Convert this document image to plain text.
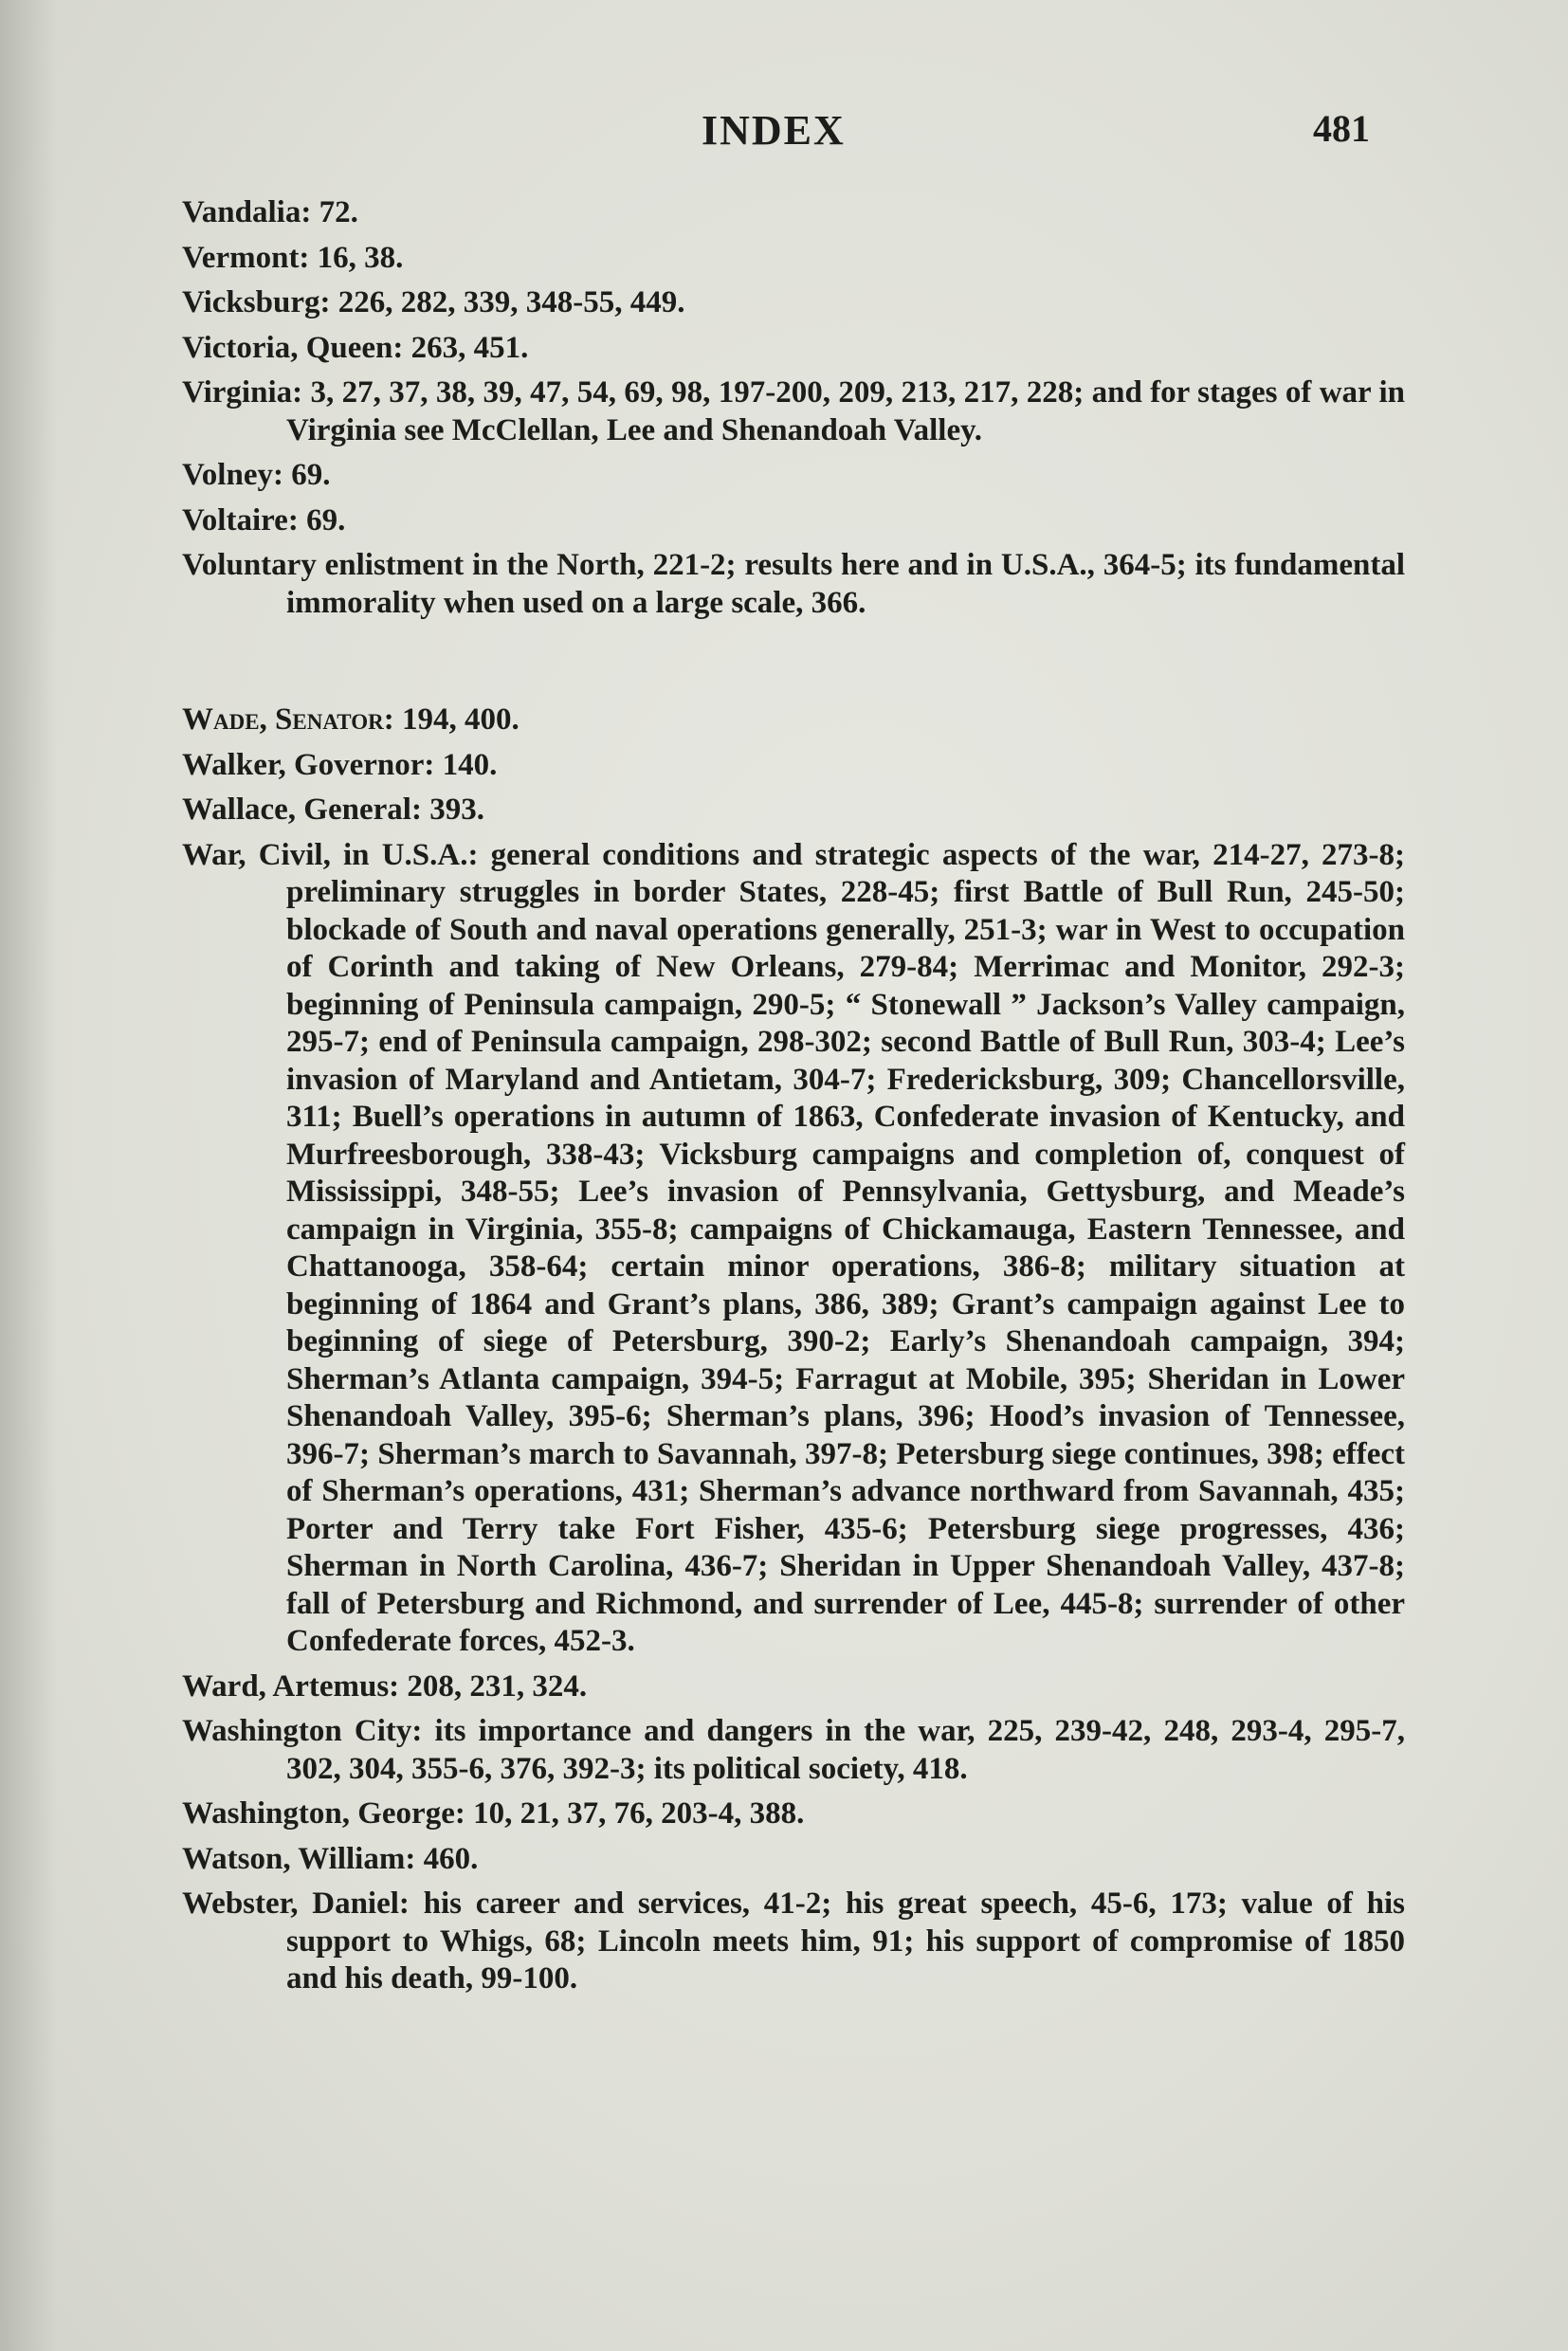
INDEX	481
Vandalia: 72.
Vermont: 16, 38.
Vicksburg: 226, 282, 339, 348-55, 449.
Victoria, Queen: 263, 451.
Virginia: 3, 27, 37, 38, 39, 47, 54, 69, 98, 197-200, 209, 213, 217, 228; and for stages of war in Virginia see McClellan, Lee and Shenandoah Valley.
Volney: 69.
Voltaire: 69.
Voluntary enlistment in the North, 221-2; results here and in U.S.A., 364-5; its fundamental immorality when used on a large scale, 366.
Wade, Senator: 194, 400.
Walker, Governor: 140.
Wallace, General: 393.
War, Civil, in U.S.A.: general conditions and strategic aspects of the war, 214-27, 273-8; preliminary struggles in border States, 228-45; first Battle of Bull Run, 245-50; blockade of South and naval operations generally, 251-3; war in West to occupation of Corinth and taking of New Orleans, 279-84; Merrimac and Monitor, 292-3; beginning of Peninsula campaign, 290-5; “ Stonewall ” Jackson’s Valley campaign, 295-7; end of Peninsula campaign, 298-302; second Battle of Bull Run, 303-4; Lee’s invasion of Maryland and Antietam, 304-7; Fredericksburg, 309; Chancellorsville, 311; Buell’s operations in autumn of 1863, Confederate invasion of Kentucky, and Murfreesborough, 338-43; Vicksburg campaigns and completion of, conquest of Mississippi, 348-55; Lee’s invasion of Pennsylvania, Gettysburg, and Meade’s campaign in Virginia, 355-8; campaigns of Chickamauga, Eastern Tennessee, and Chattanooga, 358-64; certain minor operations, 386-8; military situation at beginning of 1864 and Grant’s plans, 386, 389; Grant’s campaign against Lee to beginning of siege of Petersburg, 390-2; Early’s Shenandoah campaign, 394; Sherman’s Atlanta campaign, 394-5; Farragut at Mobile, 395; Sheridan in Lower Shenandoah Valley, 395-6; Sherman’s plans, 396; Hood’s invasion of Tennessee, 396-7; Sherman’s march to Savannah, 397-8; Petersburg siege continues, 398; effect of Sherman’s operations, 431; Sherman’s advance northward from Savannah, 435; Porter and Terry take Fort Fisher, 435-6; Petersburg siege progresses, 436; Sherman in North Carolina, 436-7; Sheridan in Upper Shenandoah Valley, 437-8; fall of Petersburg and Richmond, and surrender of Lee, 445-8; surrender of other Confederate forces, 452-3.
Ward, Artemus: 208, 231, 324.
Washington City: its importance and dangers in the war, 225, 239-42, 248, 293-4, 295-7, 302, 304, 355-6, 376, 392-3; its political society, 418.
Washington, George: 10, 21, 37, 76, 203-4, 388.
Watson, William: 460.
Webster, Daniel: his career and services, 41-2; his great speech, 45-6, 173; value of his support to Whigs, 68; Lincoln meets him, 91; his support of compromise of 1850 and his death, 99-100.
